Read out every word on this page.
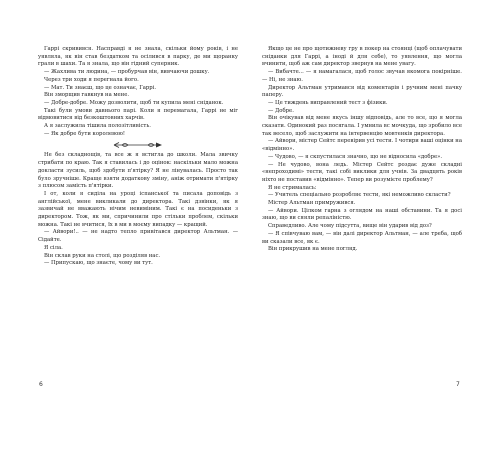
Гаррі скривився. Насправді я не знала, скільки йому років, і не уявляла, як він став бездатком та осілився в парку, де ми щоранку грали в шахи. Та я знала, що він гідний суперник.

— Жахлива ти людина, — пробурчав він, вивчаючи дошку.

Через три ходи я перегнала його.

— Мат. Ти знаєш, що це означає, Гаррі.

Він зморщив гавкнув на мене.

— Добре-добре. Можу дозволити, щоб ти купила мені сніданок.

Такі були умови давнього парі. Коли я перемагала, Гаррі не міг відмовитися від безкоштовних харчів.

А я заслужила тішила полозітливість.

— Як добре бути королевою!

Не без складнощів, та все ж я встигла до школи. Мала звичку стрибати по краю. Так я ставилась і до оцінок: наскільки мало можна докласти зусиль, щоб здобути п'ятірку? Я не лінувалась. Просто так було зручніше. Краще взяти додаткову зміну, аніж отримати п'ятірку з плюсом замість п'ятірки.

І от, коли я сиділа на уроці іспанської та писала доповідь з англійської, мене викликали до директора. Такі дзвінки, як я зазвичай не вважають нічим невиміним. Такі є на посиденьки з директором. Тож, як ми, спричинили про стільки проблем, скільки можна. Такі не вчитися, їх в ми в моєму випадку — кращий.

— Айвори!.. — не надто тепло привітався директор Альтман. — Сідайте.

Я сіла.

Він склав руки на столі, що розділяв нас.

— Припускаю, що знаєте, чому ви тут.

Якщо це не про щотижневу гру в покер на стоянці (щоб оплачувати сніданки для Гаррі, а іноді й для себе), то уявлення, що могла вчинити, щоб аж сам директор звернув на мене увагу.

— Вибачте... — я намагалася, щоб голос звучав якомога покірніше. — Ні, не знаю.

Директор Альтман утримався від коментарів і ручним мені пачку паперу.

— Це тиждень виправлений тест з фізики.

— Добре.

Він очікував від мене якусь іншу відповідь, але то все, що я могла сказати. Одинокий раз посягала. І умнила вс мочкуда, що зробило все так весело, щоб заслужити на інтервенцію мовтенків директора.

— Айвори, містер Сейтс перевірив усі тести. І чотири ваші оцінки на «відмінно».

— Чудово, — я скпустилася значно, що не відносила «добре».

— Не чудово, вона ледь. Містер Сейтс роздає дуже складні «непроходимі» тести, такі собі виклики для учнів. За двадцять років ніхто не поставив «відмінно». Тепер ви розумієте проблему?

Я не стрималась:

— Учитель спеціально розробляє тести, які неможливо скласти?

Містер Альтман примружився.

— Айвори. Цілком гарна з оглядом на наші обставини. Та я досі знаю, що ви сяяли репаліністю.

Справедливо. Але чому підсутта, вище він ударив від доз?

— Я співчуваю вам, — він далі директор Альтман, — але треба, щоб ви сказали все, як є.

Він прикрушив на мене погляд.

6	7
